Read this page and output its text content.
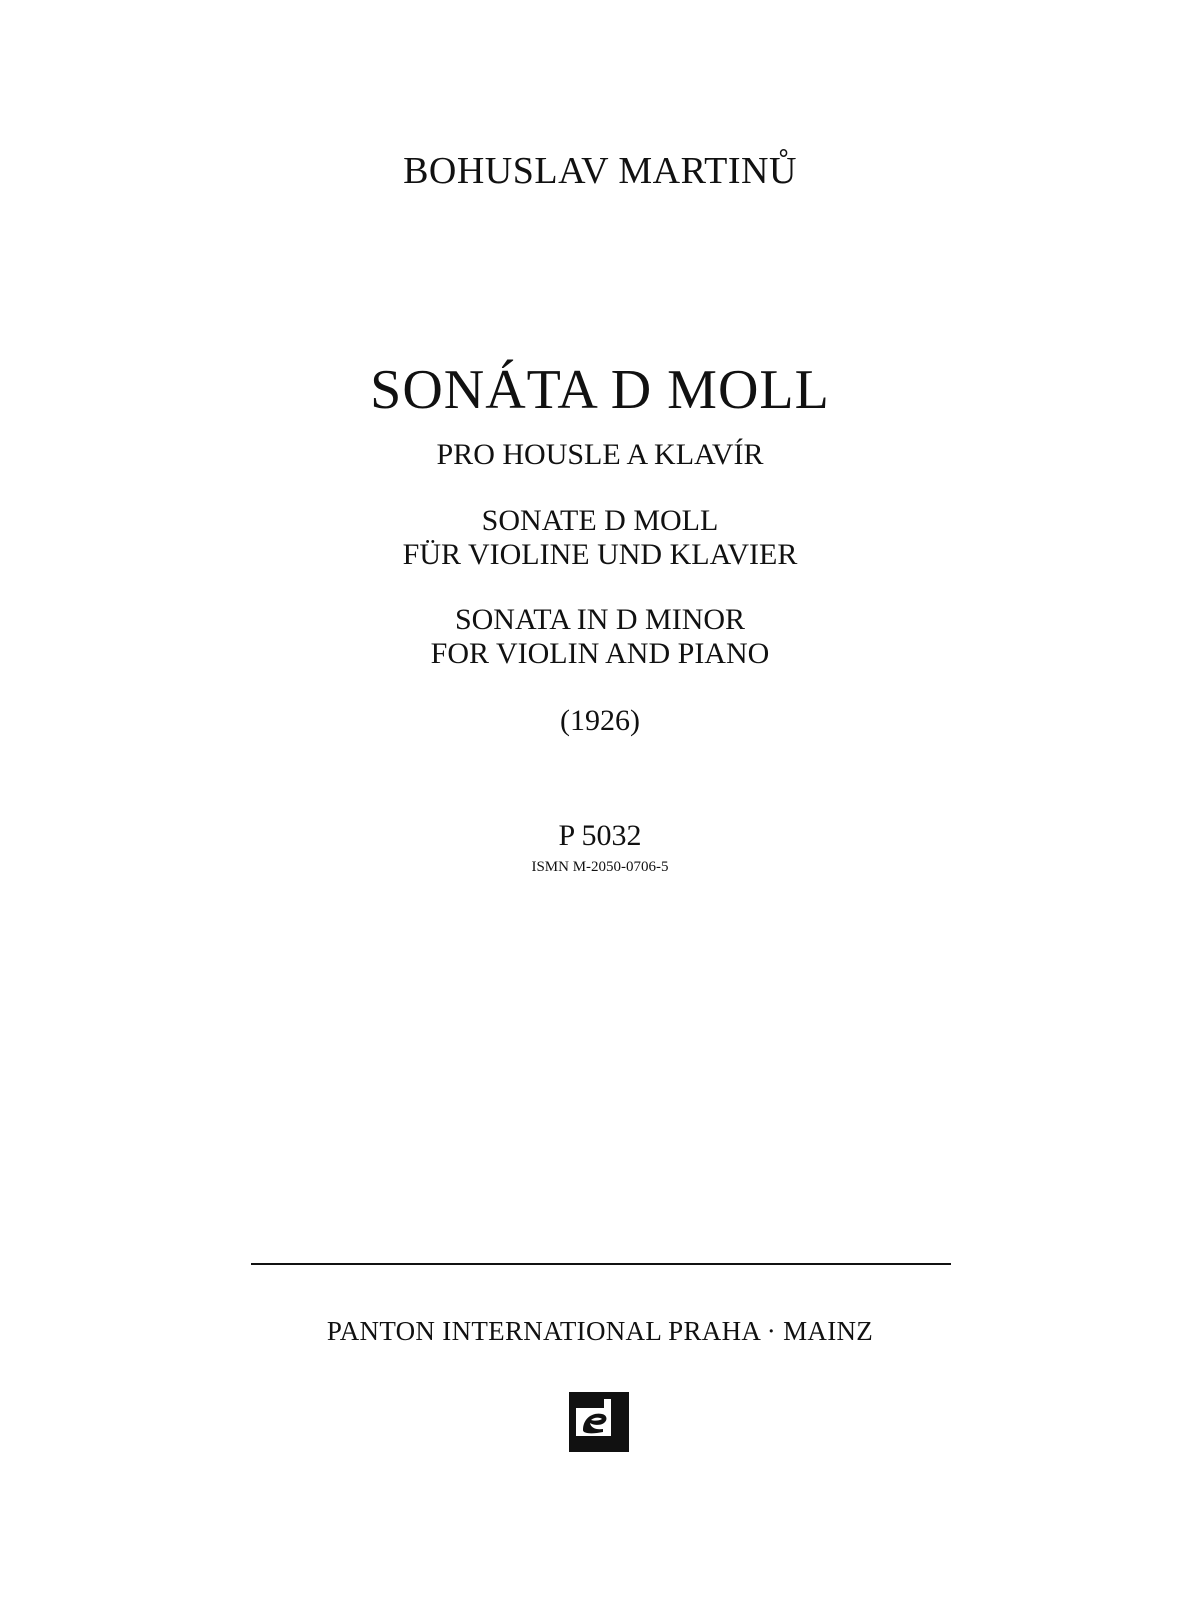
BOHUSLAV MARTINŮ
SONÁTA D MOLL
PRO HOUSLE A KLAVÍR
SONATE D MOLL
FÜR VIOLINE UND KLAVIER
SONATA IN D MINOR
FOR VIOLIN AND PIANO
(1926)
P 5032
ISMN M-2050-0706-5
PANTON INTERNATIONAL PRAHA · MAINZ
